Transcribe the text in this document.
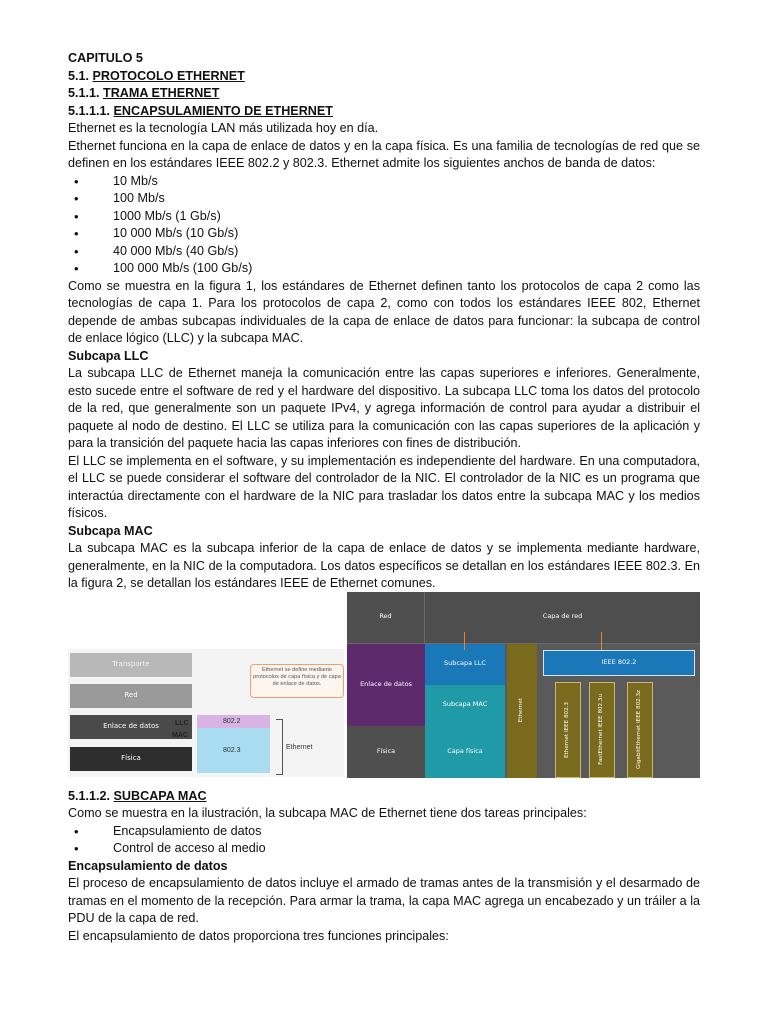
CAPITULO 5
5.1. PROTOCOLO ETHERNET
5.1.1. TRAMA ETHERNET
5.1.1.1. ENCAPSULAMIENTO DE ETHERNET

Ethernet es la tecnología LAN más utilizada hoy en día.

Ethernet funciona en la capa de enlace de datos y en la capa física. Es una familia de tecnologías de red que se definen en los estándares IEEE 802.2 y 802.3. Ethernet admite los siguientes anchos de banda de datos:

• 10 Mb/s
• 100 Mb/s
• 1000 Mb/s (1 Gb/s)
• 10 000 Mb/s (10 Gb/s)
• 40 000 Mb/s (40 Gb/s)
• 100 000 Mb/s (100 Gb/s)

Como se muestra en la figura 1, los estándares de Ethernet definen tanto los protocolos de capa 2 como las tecnologías de capa 1. Para los protocolos de capa 2, como con todos los estándares IEEE 802, Ethernet depende de ambas subcapas individuales de la capa de enlace de datos para funcionar: la subcapa de control de enlace lógico (LLC) y la subcapa MAC.

Subcapa LLC

La subcapa LLC de Ethernet maneja la comunicación entre las capas superiores e inferiores. Generalmente, esto sucede entre el software de red y el hardware del dispositivo. La subcapa LLC toma los datos del protocolo de la red, que generalmente son un paquete IPv4, y agrega información de control para ayudar a distribuir el paquete al nodo de destino. El LLC se utiliza para la comunicación con las capas superiores de la aplicación y para la transición del paquete hacia las capas inferiores con fines de distribución.

El LLC se implementa en el software, y su implementación es independiente del hardware. En una computadora, el LLC se puede considerar el software del controlador de la NIC. El controlador de la NIC es un programa que interactúa directamente con el hardware de la NIC para trasladar los datos entre la subcapa MAC y los medios físicos.

Subcapa MAC

La subcapa MAC es la subcapa inferior de la capa de enlace de datos y se implementa mediante hardware, generalmente, en la NIC de la computadora. Los datos específicos se detallan en los estándares IEEE 802.3. En la figura 2, se detallan los estándares IEEE de Ethernet comunes.

Transporte
Red
Enlace de datos
Física
LLC
MAC
802.2
802.3
Ethernet se define mediante protocolos de capa física y de capa de enlace de datos.
Ethernet
Red	Capa de red
Enlace de datos
Subcapa LLC
Subcapa MAC
Física	Capa física
Ethernet
IEEE 802.2
Ethernet IEEE 802.3	FastEthernet IEEE 802.3u	GigabitEthernet IEEE 802.3z
5.1.1.2. SUBCAPA MAC

Como se muestra en la ilustración, la subcapa MAC de Ethernet tiene dos tareas principales:

• Encapsulamiento de datos
• Control de acceso al medio
Encapsulamiento de datos

El proceso de encapsulamiento de datos incluye el armado de tramas antes de la transmisión y el desarmado de tramas en el momento de la recepción. Para armar la trama, la capa MAC agrega un encabezado y un tráiler a la PDU de la capa de red.

El encapsulamiento de datos proporciona tres funciones principales:
